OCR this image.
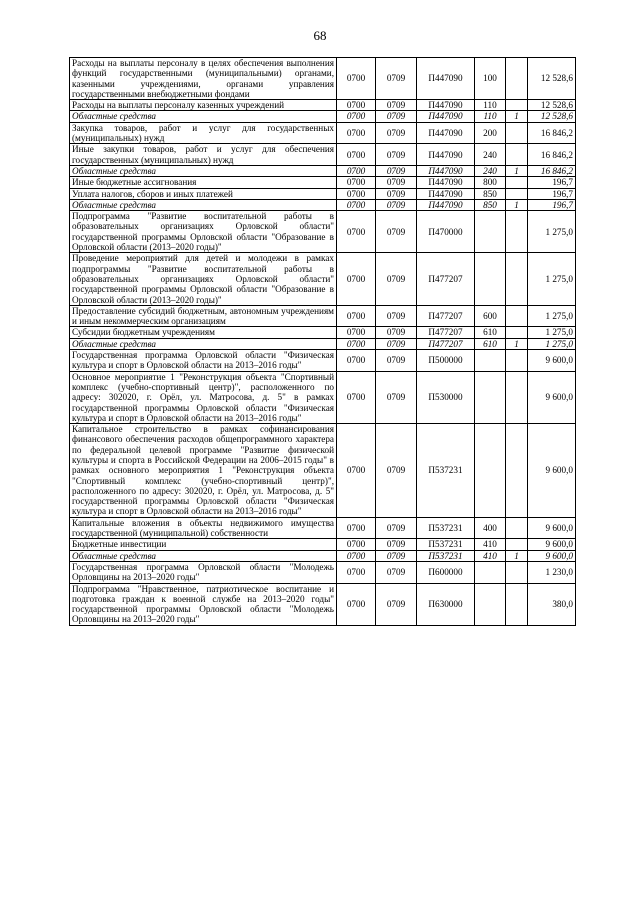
68
Расходы на выплаты персоналу в целях обеспечения выполнения функций государственными (муниципальными) органами, казенными учреждениями, органами управления государственными внебюджетными фондами	0700	0709	П447090	100		12 528,6
Расходы на выплаты персоналу казенных учреждений	0700	0709	П447090	110		12 528,6
Областные средства	0700	0709	П447090	110	1	12 528,6
Закупка товаров, работ и услуг для государственных (муниципальных) нужд	0700	0709	П447090	200		16 846,2
Иные закупки товаров, работ и услуг для обеспечения государственных (муниципальных) нужд	0700	0709	П447090	240		16 846,2
Областные средства	0700	0709	П447090	240	1	16 846,2
Иные бюджетные ассигнования	0700	0709	П447090	800		196,7
Уплата налогов, сборов и иных платежей	0700	0709	П447090	850		196,7
Областные средства	0700	0709	П447090	850	1	196,7
Подпрограмма "Развитие воспитательной работы в образовательных организациях Орловской области" государственной программы Орловской области "Образование в Орловской области (2013–2020 годы)"	0700	0709	П470000			1 275,0
Проведение мероприятий для детей и молодежи в рамках подпрограммы "Развитие воспитательной работы в образовательных организациях Орловской области" государственной программы Орловской области "Образование в Орловской области (2013–2020 годы)"	0700	0709	П477207			1 275,0
Предоставление субсидий бюджетным, автономным учреждениям и иным некоммерческим организациям	0700	0709	П477207	600		1 275,0
Субсидии бюджетным учреждениям	0700	0709	П477207	610		1 275,0
Областные средства	0700	0709	П477207	610	1	1 275,0
Государственная программа Орловской области "Физическая культура и спорт в Орловской области на 2013–2016 годы"	0700	0709	П500000			9 600,0
Основное мероприятие 1 "Реконструкция объекта "Спортивный комплекс (учебно-спортивный центр)", расположенного по адресу: 302020, г. Орёл, ул. Матросова, д. 5" в рамках государственной программы Орловской области "Физическая культура и спорт в Орловской области на 2013–2016 годы"	0700	0709	П530000			9 600,0
Капитальное строительство в рамках софинансирования финансового обеспечения расходов общепрограммного характера по федеральной целевой программе "Развитие физической культуры и спорта в Российской Федерации на 2006–2015 годы" в рамках основного мероприятия 1 "Реконструкция объекта "Спортивный комплекс (учебно-спортивный центр)", расположенного по адресу: 302020, г. Орёл, ул. Матросова, д. 5" государственной программы Орловской области "Физическая культура и спорт в Орловской области на 2013–2016 годы"	0700	0709	П537231			9 600,0
Капитальные вложения в объекты недвижимого имущества государственной (муниципальной) собственности	0700	0709	П537231	400		9 600,0
Бюджетные инвестиции	0700	0709	П537231	410		9 600,0
Областные средства	0700	0709	П537231	410	1	9 600,0
Государственная программа Орловской области "Молодежь Орловщины на 2013–2020 годы"	0700	0709	П600000			1 230,0
Подпрограмма "Нравственное, патриотическое воспитание и подготовка граждан к военной службе на 2013–2020 годы" государственной программы Орловской области "Молодежь Орловщины на 2013–2020 годы"	0700	0709	П630000			380,0
